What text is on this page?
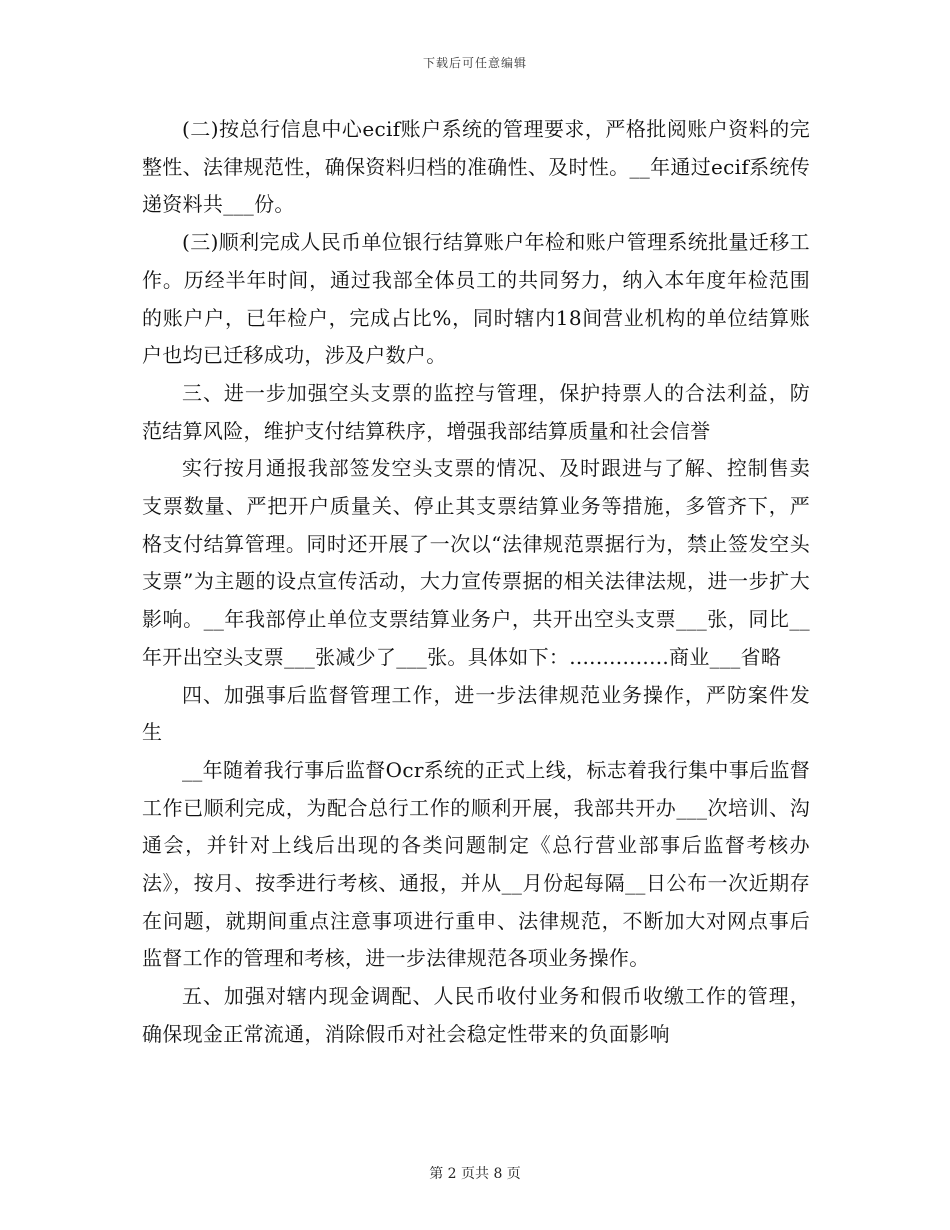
下载后可任意编辑

(二)按总行信息中心ecif账户系统的管理要求，严格批阅账户资料的完整性、法律规范性，确保资料归档的准确性、及时性。__年通过ecif系统传递资料共___份。

(三)顺利完成人民币单位银行结算账户年检和账户管理系统批量迁移工作。历经半年时间，通过我部全体员工的共同努力，纳入本年度年检范围的账户户，已年检户，完成占比%，同时辖内18间营业机构的单位结算账户也均已迁移成功，涉及户数户。

三、进一步加强空头支票的监控与管理，保护持票人的合法利益，防范结算风险，维护支付结算秩序，增强我部结算质量和社会信誉

实行按月通报我部签发空头支票的情况、及时跟进与了解、控制售卖支票数量、严把开户质量关、停止其支票结算业务等措施，多管齐下，严格支付结算管理。同时还开展了一次以“法律规范票据行为，禁止签发空头支票”为主题的设点宣传活动，大力宣传票据的相关法律法规，进一步扩大影响。__年我部停止单位支票结算业务户，共开出空头支票___张，同比__年开出空头支票___张减少了___张。具体如下：...............商业___省略

四、加强事后监督管理工作，进一步法律规范业务操作，严防案件发生

__年随着我行事后监督Ocr系统的正式上线，标志着我行集中事后监督工作已顺利完成，为配合总行工作的顺利开展，我部共开办___次培训、沟通会，并针对上线后出现的各类问题制定《总行营业部事后监督考核办法》，按月、按季进行考核、通报，并从__月份起每隔__日公布一次近期存在问题，就期间重点注意事项进行重申、法律规范，不断加大对网点事后监督工作的管理和考核，进一步法律规范各项业务操作。

五、加强对辖内现金调配、人民币收付业务和假币收缴工作的管理，确保现金正常流通，消除假币对社会稳定性带来的负面影响

第 2 页共 8 页
